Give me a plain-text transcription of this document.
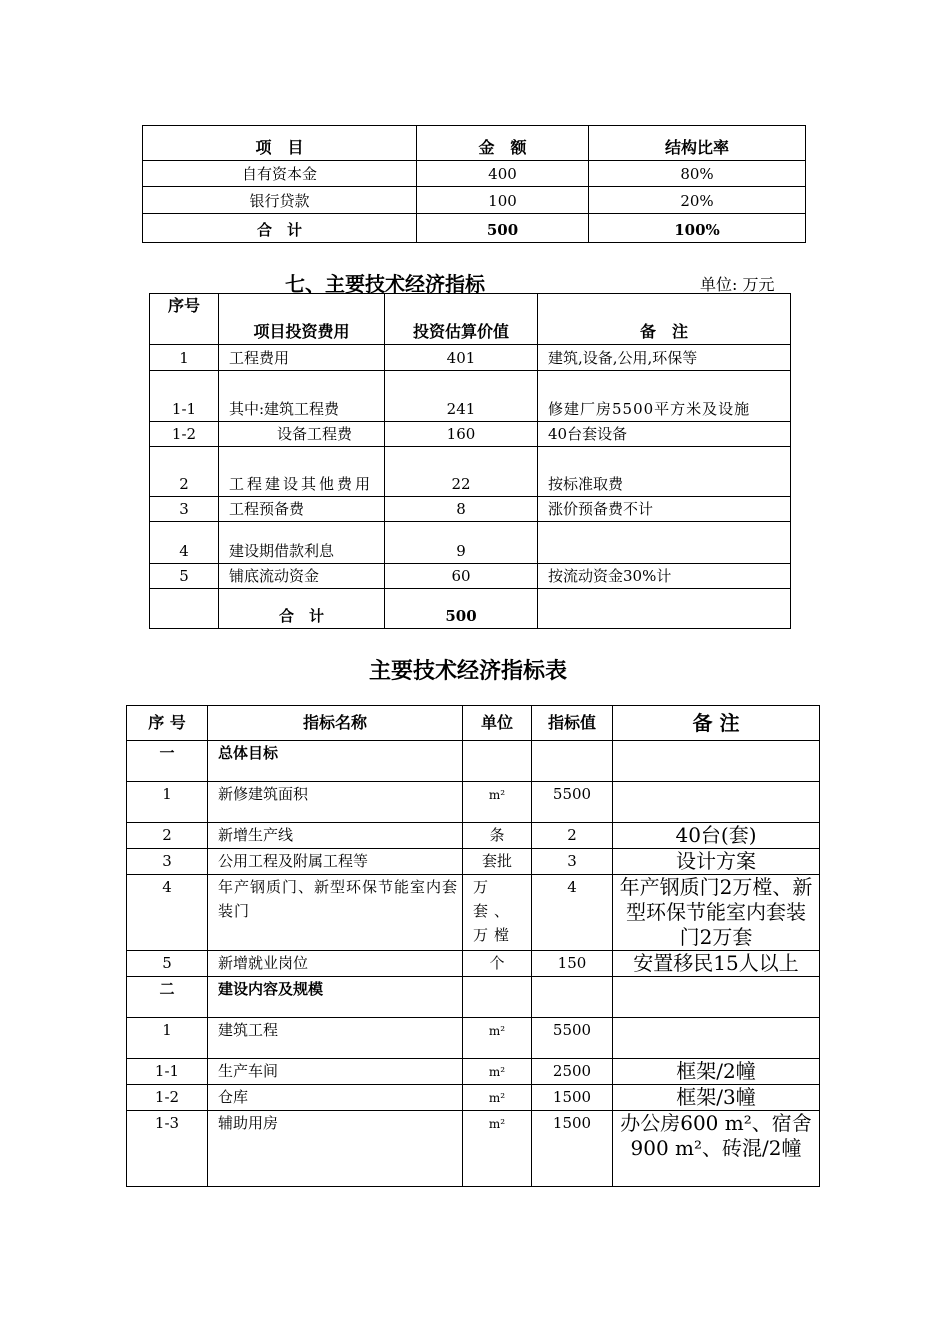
项　目	金　额	结构比率
自有资本金	400	80%
银行贷款	100	20%
合　计	500	100%
七、主要技术经济指标	单位: 万元
序号	项目投资费用	投资估算价值	备　注
1	工程费用	401	建筑,设备,公用,环保等
1-1	其中:建筑工程费	241	修建厂房5500平方米及设施
1-2	设备工程费	160	40台套设备
2	工程建设其他费用	22	按标准取费
3	工程预备费	8	涨价预备费不计
4	建设期借款利息	9	
5	铺底流动资金	60	按流动资金30%计
	合　计	500	
主要技术经济指标表
序 号	指标名称	单位	指标值	备 注
一	总体目标			
1	新修建筑面积	m²	5500	
2	新增生产线	条	2	40台(套)
3	公用工程及附属工程等	套批	3	设计方案
4	年产钢质门、新型环保节能室内套装门	万套、万樘	4	年产钢质门2万樘、新型环保节能室内套装门2万套
5	新增就业岗位	个	150	安置移民15人以上
二	建设内容及规模			
1	建筑工程	m²	5500	
1-1	生产车间	m²	2500	框架/2幢
1-2	仓库	m²	1500	框架/3幢
1-3	辅助用房	m²	1500	办公房600 m²、宿舍900 m²、砖混/2幢
